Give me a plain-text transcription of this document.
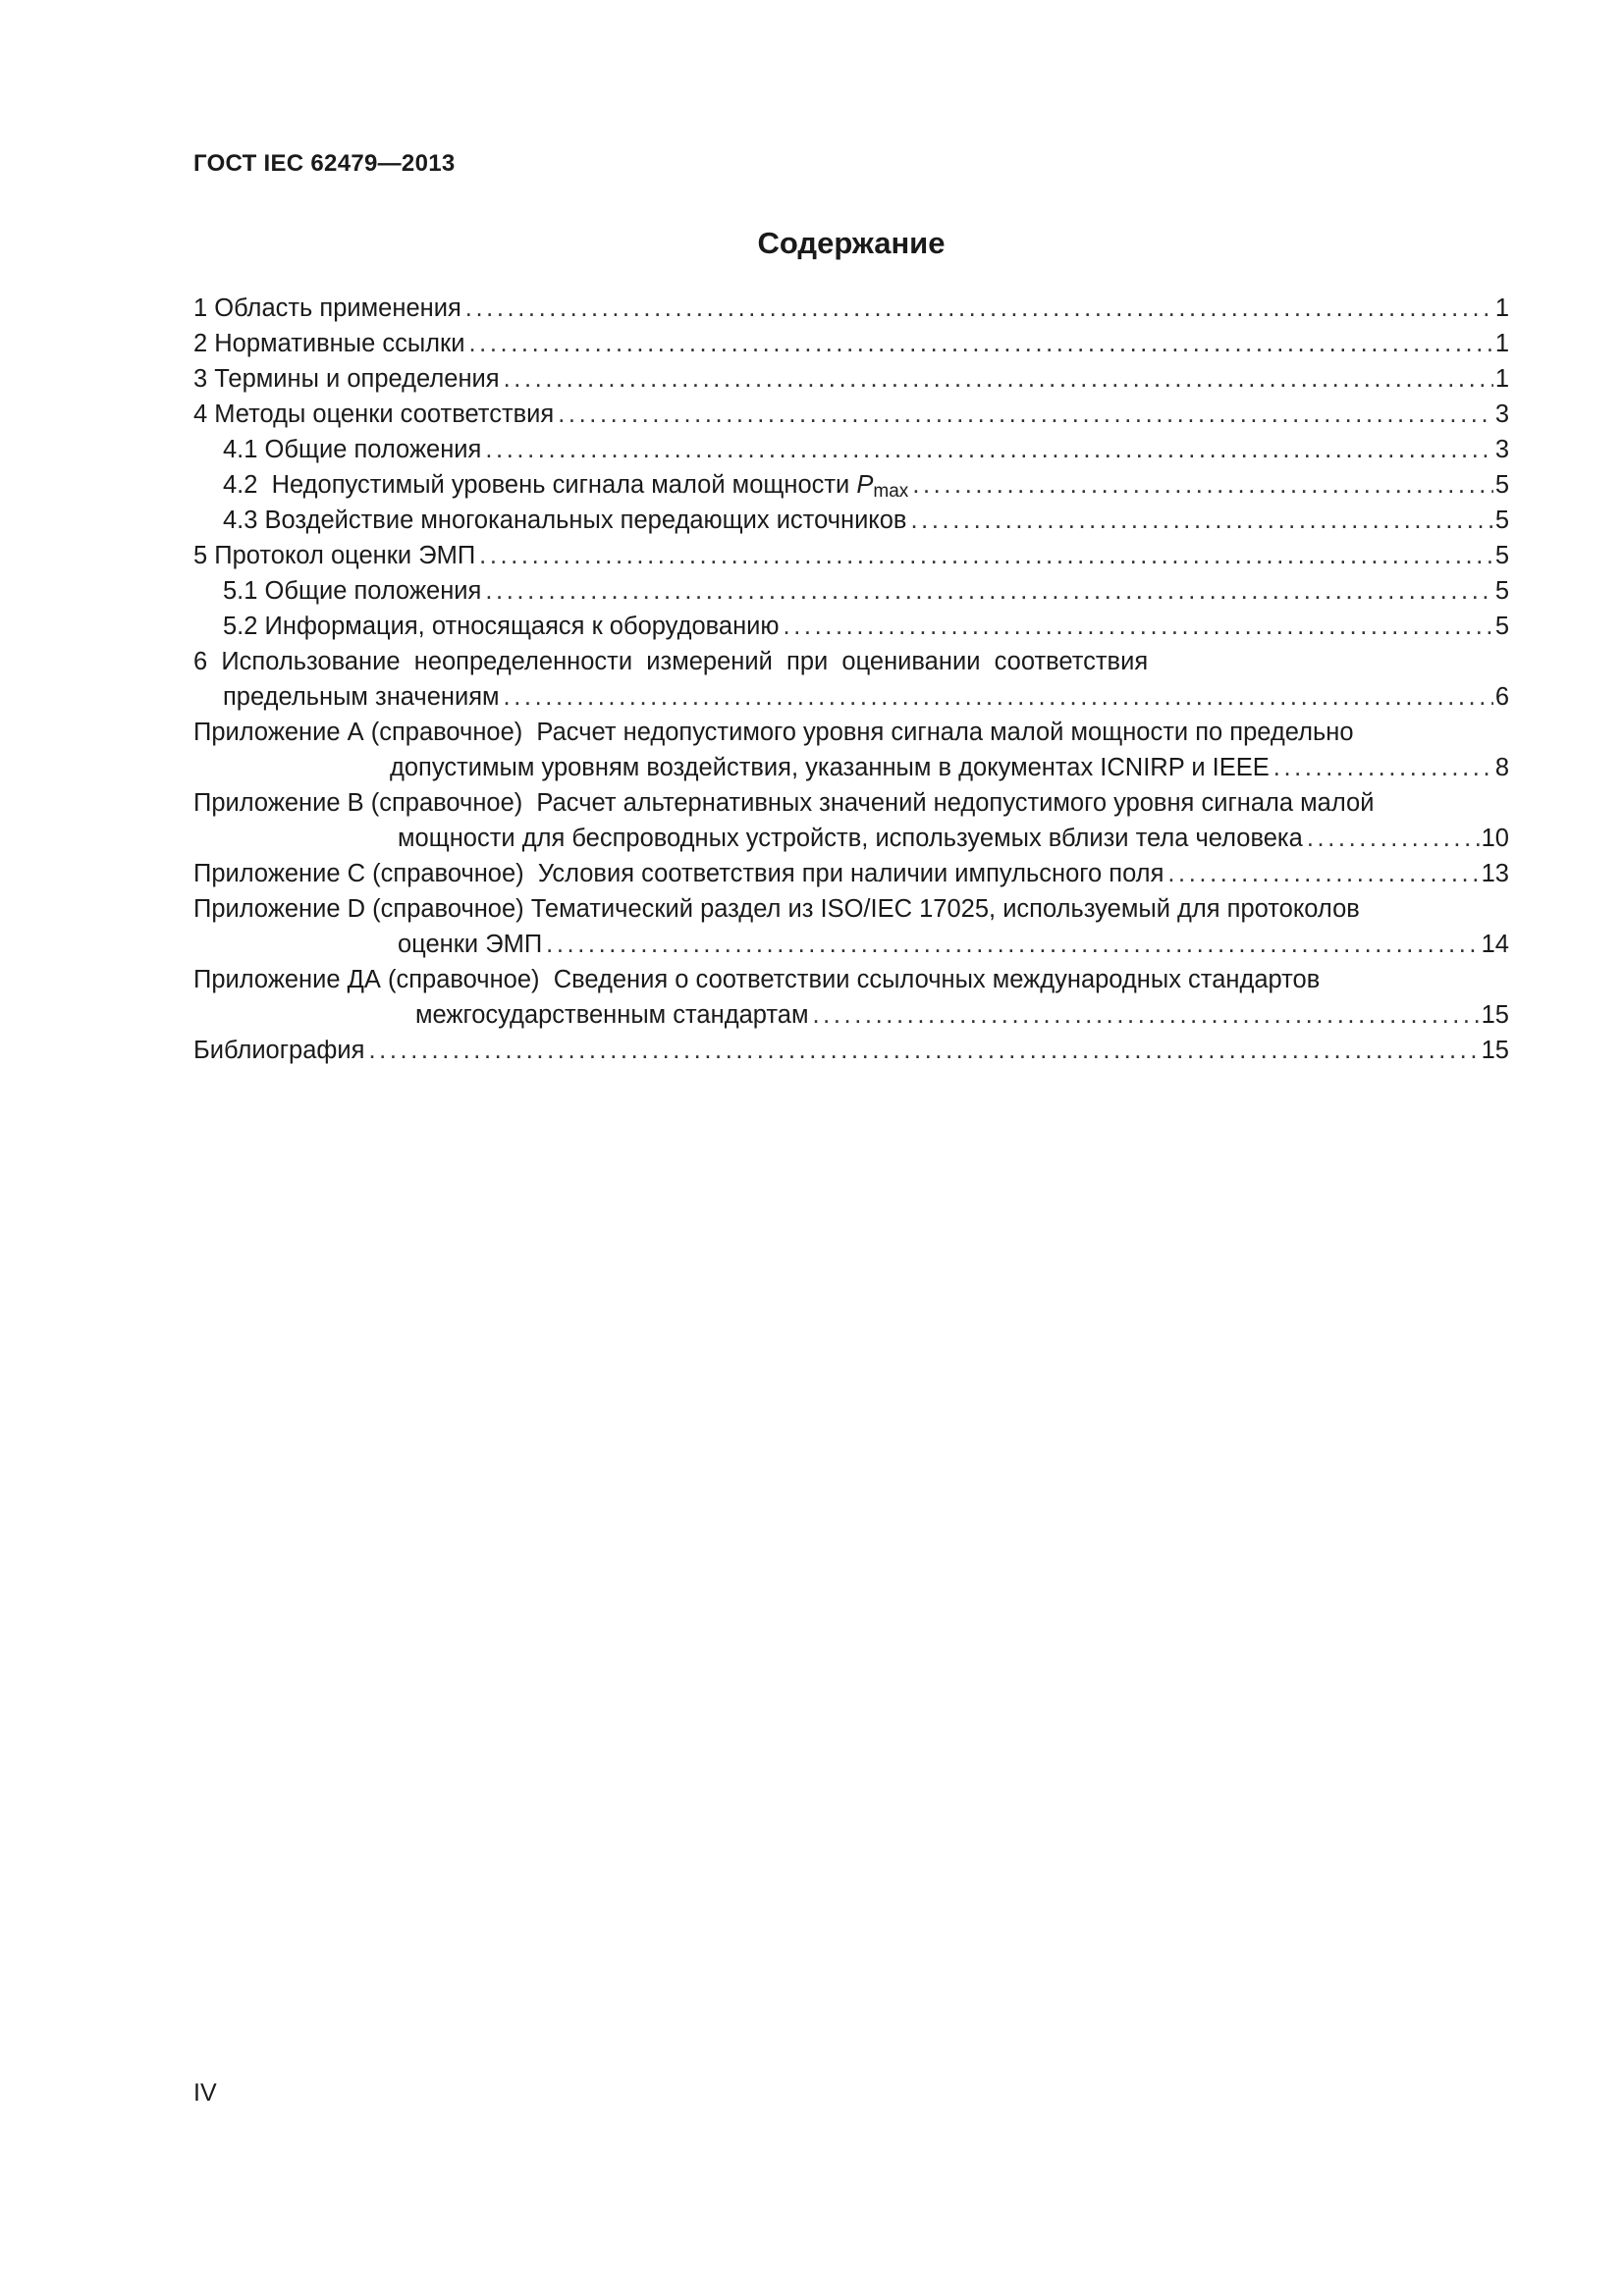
ГОСТ IEC 62479—2013
Содержание
1 Область применения .....	1
2 Нормативные ссылки .....	1
3 Термины и определения .....	1
4 Методы оценки соответствия .....	3
4.1 Общие положения .....	3
4.2  Недопустимый уровень сигнала малой мощности $P_{max}$ .....	5
4.3 Воздействие многоканальных передающих источников .....	5
5 Протокол оценки ЭМП .....	5
5.1 Общие положения .....	5
5.2 Информация, относящаяся к оборудованию .....	5
6  Использование  неопределенности  измерений  при  оценивании  соответствия
предельным значениям .....	6
Приложение А (справочное)  Расчет недопустимого уровня сигнала малой мощности по предельно
допустимым уровням воздействия, указанным в документах ICNIRP и IEEE .....	8
Приложение В (справочное)  Расчет альтернативных значений недопустимого уровня сигнала малой
мощности для беспроводных устройств, используемых вблизи тела человека .....	10
Приложение С (справочное)  Условия соответствия при наличии импульсного поля .....	13
Приложение D (справочное) Тематический раздел из ISO/IEC 17025, используемый для протоколов
оценки ЭМП .....	14
Приложение ДА (справочное)  Сведения о соответствии ссылочных международных стандартов
межгосударственным стандартам .....	15
Библиография .....	15
IV
